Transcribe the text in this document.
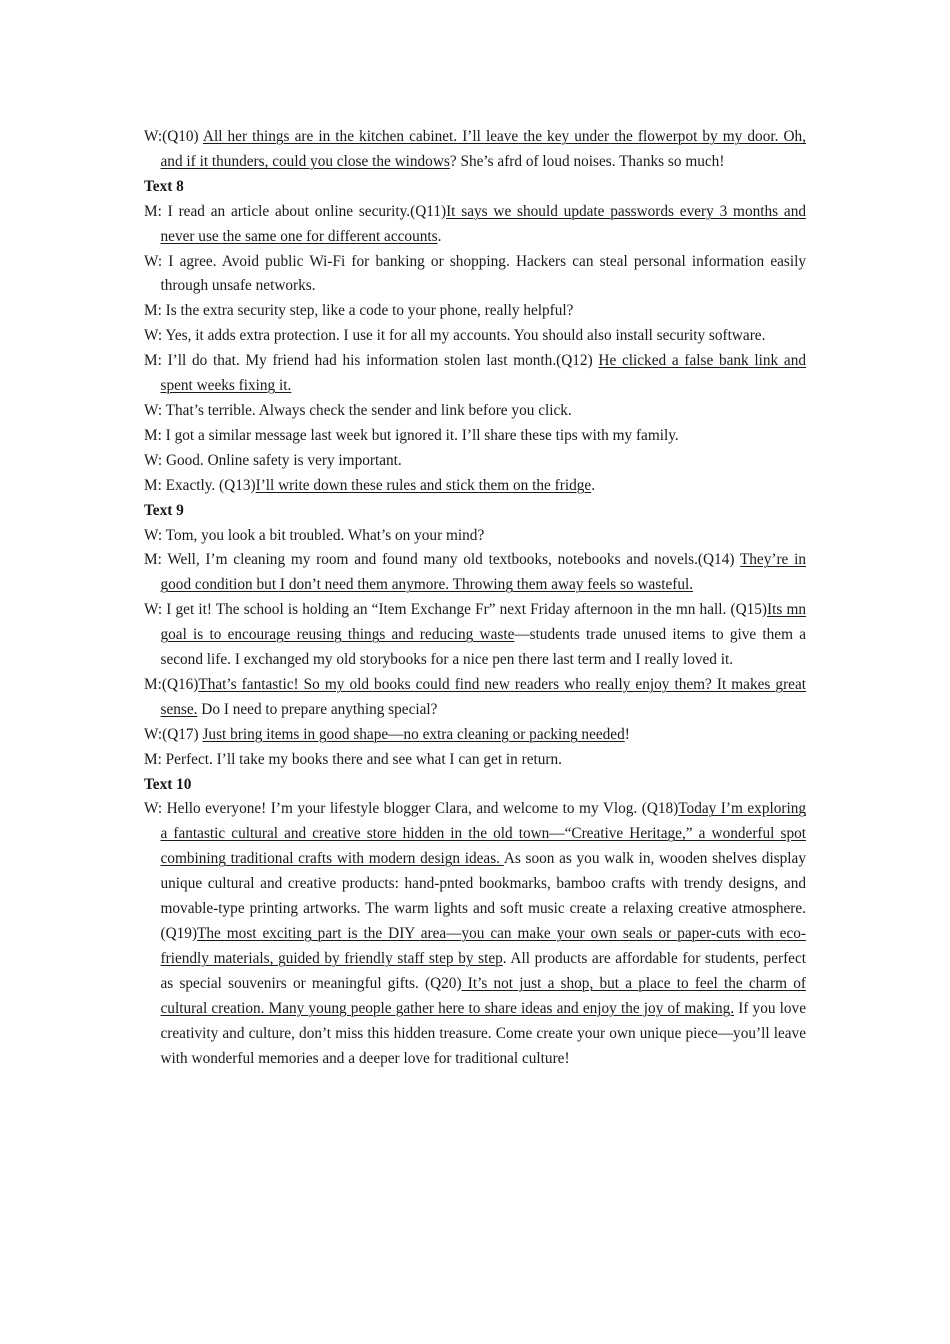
W:(Q10) All her things are in the kitchen cabinet. I’ll leave the key under the flowerpot by my door. Oh, and if it thunders, could you close the windows? She’s afrd of loud noises. Thanks so much!

Text 8

M: I read an article about online security.(Q11)It says we should update passwords every 3 months and never use the same one for different accounts.

W: I agree. Avoid public Wi-Fi for banking or shopping. Hackers can steal personal information easily through unsafe networks.

M: Is the extra security step, like a code to your phone, really helpful?

W: Yes, it adds extra protection. I use it for all my accounts. You should also install security software.

M: I’ll do that. My friend had his information stolen last month.(Q12) He clicked a false bank link and spent weeks fixing it.

W: That’s terrible. Always check the sender and link before you click.

M: I got a similar message last week but ignored it. I’ll share these tips with my family.

W: Good. Online safety is very important.

M: Exactly. (Q13)I’ll write down these rules and stick them on the fridge.

Text 9

W: Tom, you look a bit troubled. What’s on your mind?

M: Well, I’m cleaning my room and found many old textbooks, notebooks and novels.(Q14) They’re in good condition but I don’t need them anymore. Throwing them away feels so wasteful.

W: I get it! The school is holding an “Item Exchange Fr” next Friday afternoon in the mn hall. (Q15)Its mn goal is to encourage reusing things and reducing waste—students trade unused items to give them a second life. I exchanged my old storybooks for a nice pen there last term and I really loved it.

M:(Q16)That’s fantastic! So my old books could find new readers who really enjoy them? It makes great sense. Do I need to prepare anything special?

W:(Q17) Just bring items in good shape—no extra cleaning or packing needed!

M: Perfect. I’ll take my books there and see what I can get in return.

Text 10

W: Hello everyone! I’m your lifestyle blogger Clara, and welcome to my Vlog. (Q18)Today I’m exploring a fantastic cultural and creative store hidden in the old town—“Creative Heritage,” a wonderful spot combining traditional crafts with modern design ideas. As soon as you walk in, wooden shelves display unique cultural and creative products: hand-pnted bookmarks, bamboo crafts with trendy designs, and movable-type printing artworks. The warm lights and soft music create a relaxing creative atmosphere.(Q19)The most exciting part is the DIY area—you can make your own seals or paper-cuts with eco-friendly materials, guided by friendly staff step by step. All products are affordable for students, perfect as special souvenirs or meaningful gifts. (Q20) It’s not just a shop, but a place to feel the charm of cultural creation. Many young people gather here to share ideas and enjoy the joy of making. If you love creativity and culture, don’t miss this hidden treasure. Come create your own unique piece—you’ll leave with wonderful memories and a deeper love for traditional culture!
